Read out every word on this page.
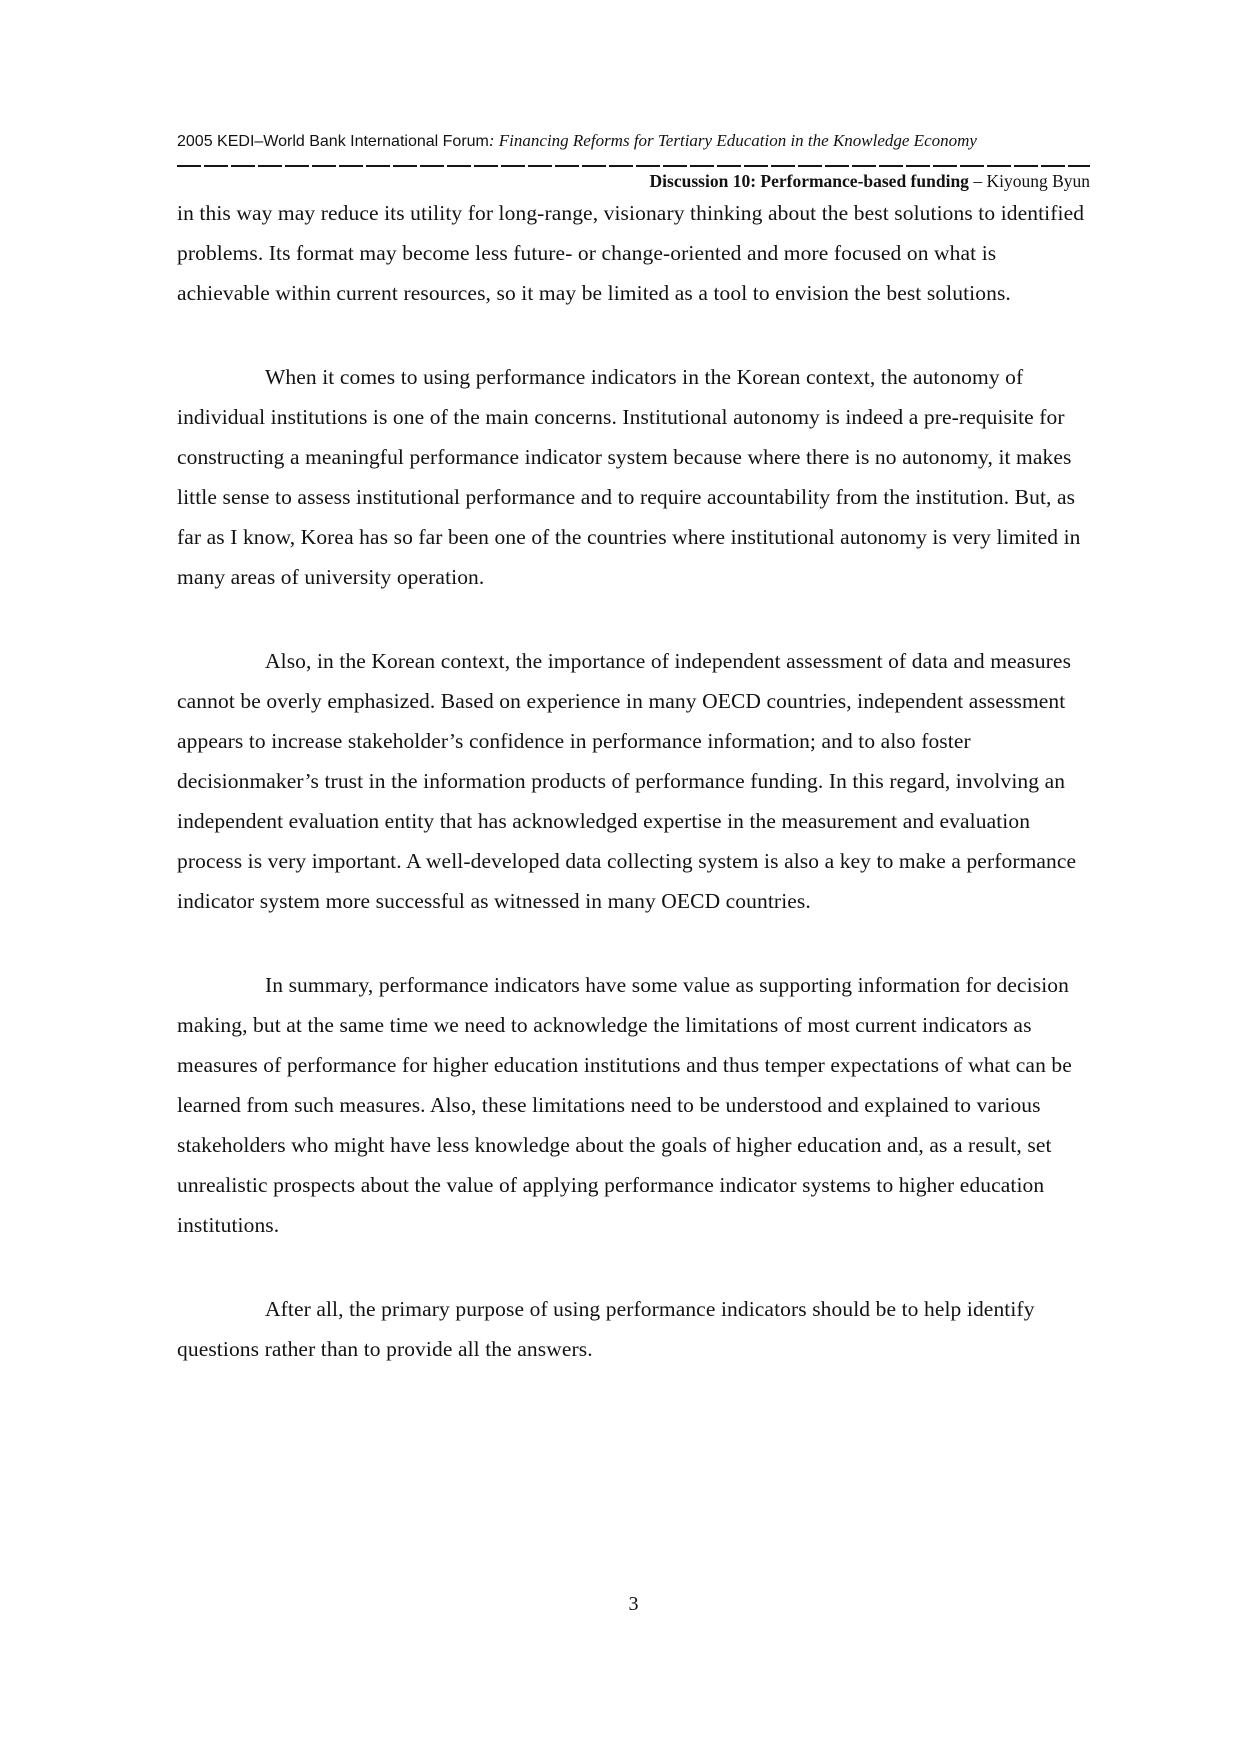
2005 KEDI–World Bank International Forum: Financing Reforms for Tertiary Education in the Knowledge Economy
Discussion 10: Performance-based funding – Kiyoung Byun

in this way may reduce its utility for long-range, visionary thinking about the best solutions to identified problems. Its format may become less future- or change-oriented and more focused on what is achievable within current resources, so it may be limited as a tool to envision the best solutions.

When it comes to using performance indicators in the Korean context, the autonomy of individual institutions is one of the main concerns. Institutional autonomy is indeed a pre-requisite for constructing a meaningful performance indicator system because where there is no autonomy, it makes little sense to assess institutional performance and to require accountability from the institution. But, as far as I know, Korea has so far been one of the countries where institutional autonomy is very limited in many areas of university operation.

Also, in the Korean context, the importance of independent assessment of data and measures cannot be overly emphasized. Based on experience in many OECD countries, independent assessment appears to increase stakeholder’s confidence in performance information; and to also foster decisionmaker’s trust in the information products of performance funding. In this regard, involving an independent evaluation entity that has acknowledged expertise in the measurement and evaluation process is very important. A well-developed data collecting system is also a key to make a performance indicator system more successful as witnessed in many OECD countries.

In summary, performance indicators have some value as supporting information for decision making, but at the same time we need to acknowledge the limitations of most current indicators as measures of performance for higher education institutions and thus temper expectations of what can be learned from such measures. Also, these limitations need to be understood and explained to various stakeholders who might have less knowledge about the goals of higher education and, as a result, set unrealistic prospects about the value of applying performance indicator systems to higher education institutions.

After all, the primary purpose of using performance indicators should be to help identify questions rather than to provide all the answers.

3
